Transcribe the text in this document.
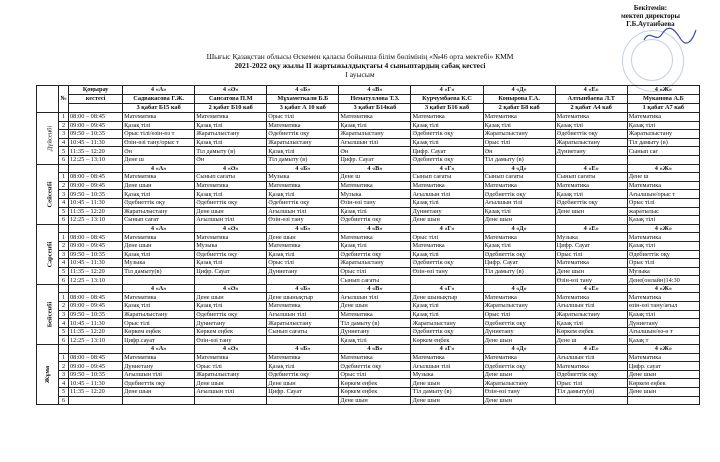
Бекітемін:
мектеп директоры
Г.Б.Аутанбаева
Шығыс Қазақстан облысы Өскемен қаласы бойынша білім бөлімінің «№46 орта мектебі» КММ
2021-2022 оқу жылы II жартыжылдықтағы 4 сыныптардың сабақ кестесі
I ауысым
	№	Қоңырау	4 «А»	4 «Ә»	4 «Б»	4 «В»	4 «Г»	4 «Д»	4 «Е»	4 «Ж»
		кестесі	Садвакасова Г.Ж.	Сансатова П.М	Мұхаметкали Б.Б	Нематуллова Т.З.	Курчумбаева К.С	Конырова Г.А.	Алтынбаева Л.Т	Муканова А.Б
			3 қабат Б15 каб	2 қабат Б10 каб	3 қабат А 10 каб	3 қабат Б14каб	3 қабат Б16 каб	2 қабат Б8 каб	2 қабат А4 каб	1 қабат А7 каб
Дүйсенбі	1	08:00 – 08:45	Математика	Математика	Орыс тілі	Математика	Математика	Математика	Математика	Математика
	2	09:00 – 09:45	Қазақ тілі	Қазақ тілі	Математика	Қазақ тілі	Қазақ тілі	Қазақ тілі	Қазақ тілі	Қазақ тілі
	3	09:50 – 10:35	Орыс тілі/өзін-өз т	Жаратылыстану	Әдебиеттік оқу	Жаратылыстану	Әдебиеттік оқу	Жаратылыстану	Әдебиеттік оқу	Жаратылыстану
	4	10:45 – 11:30	Өзін-өзі тану/орыс т	Қазақ тілі	Жаратылыстану	Ағылшын тілі	Қазақ тілі	Орыс тілі	Жаратылыстану	Тіл дамыту (в)
	5	11:35 – 12:20	Ән	Тіл дамыту (в)	Қазақ тілі	Ән	Цифр. Сауат	Ән	Дүниетану	Сынып сағ
	6	12:25 – 13:10	Дене ш	Ән	Тіл дамыту (в)	Цифр. Сауат	Әдебиеттік оқу	Тіл дамыту (в)		
Сейсенбі			4 «А»	4 «Ә»	4 «Б»	4 «В»	4 «Г»	4 «Д»	4 «Е»	4 «Ж»
	1	08:00 – 08:45	Математика	Сынып сағаты	Музыка	Дене ш	Сынып сағаты	Сынып сағаты	Сынып сағаты	Дене ш
	2	09:00 – 09:45	Дене шын	Математика	Математика	Математика	Математика	Математика	Математика	Математика
	3	09:50 – 10:35	Қазақ тілі	Қазақ тілі	Қазақ тілі	Музыка	Ағылшын тілі	Әдебиеттік оқу	Қазақ тілі	Ағылшын/орыс т
	4	10:45 – 11:30	Әдебиеттік оқу	Әдебиеттік оқу	Әдебиеттік оқу	Өзін-өзі тану	Қазақ тілі	Ағылшын тілі	Әдебиеттік оқу	Орыс тілі
	5	11:35 – 12:20	Жаратылыстану	Дене шын	Ағылшын тілі	Қазақ тілі	Дүниетану	Қазақ тілі	Дене шын	жаратылыс
	6	12:25 – 13:10	Сынып сағат	Ағылшын тілі	Өзін-өзі тану	Әдебиеттік оқу	Дене шын	Дене шын		Қазақ тілі
Сәрсенбі			4 «А»	4 «Ә»	4 «Б»	4 «В»	4 «Г»	4 «Д»	4 «Е»	4 «Ж»
	1	08:00 – 08:45	Математика	Математика	Дене шын	Математика	Орыс тілі	Математика	Музыка	Математика
	2	09:00 – 09:45	Дене шын	Музыка	Математика	Қазақ тілі	Математика	Қазақ тілі	Цифр. Сауат	Қазақ тілі
	3	09:50 – 10:35	Қазақ тілі	Әдебиеттік оқу	Қазақ тілі	Әдебиеттік оқу	Қазақ тілі	Әдебиеттік оқу	Орыс тілі	Әдебиеттік оқу
	4	10:45 – 11:30	Музыка	Қазақ тілі	Орыс тілі	Жаратылыстану	Әдебиеттік оқу	Цифр. Сауат	Математика	Орыс тілі
	5	11:35 – 12:20	Тіл дамыту(в)	Цифр. Сауат	Дүниетану	Орыс тілі	Өзін-өзі тану	Тіл дамыту (в)	Дене шын	Музыка
	6	12:25 – 13:10				Сынып сағаты			Өзін-өзі тану	Дене(онлайн)14:30
Бейсенбі			4 «А»	4 «Ә»	4 «Б»	4 «В»	4 «Г»	4 «Д»	4 «Е»	4 «Ж»
	1	08:00 – 08:45	Математика	Дене шын	Дене шынықтыр	Ағылшын тілі	Дене шынықтыр	Математика	Математика	Математика
	2	09:00 – 09:45	Қазақ тілі	Қазақ тілі	Математика	Дене шын	Қазақ тілі	Жаратылыстану	Ағылшын тілі	өзін-өзі тану/ағыл
	3	09:50 – 10:35	Жаратылыстану	Әдебиеттік оқу	Ағылшын тілі	Математика	Қазақ тілі	Орыс тілі	Жаратылыстану	Қазақ тілі
	4	10:45 – 11:30	Орыс тілі	Дүниетану	Жаратылыстану	Тіл дамыту (в)	Жаратылыстану	Әдебиеттік оқу	Қазақ тілі	Дүниетану
	5	11:35 – 12:20	Көркем еңбек	Көркем еңбек	Сынып сағаты	Дүниетану	Әдебиеттік оқу	Дүниетану	Көркем еңбек	Ағылшын/өз-ө т
	6	12:25 – 13:10	Цифр.сауат	Өзін-өзі тану		Қазақ тілі	Көркем еңбек	Дене шын	Дене ш	Қазақ т
Жұма			4 «А»	4 «Ә»	4 «Б»	4 «В»	4 «Г»	4 «Д»	4 «Е»	4 «Ж»
	1	08:00 – 08:45	Математика	Математика	Математика	Математика	Математика	Математика	Ағылшын тілі	Математика
	2	09:00 – 09:45	Дүниетану	Орыс тілі	Қазақ тілі	Әдебиеттік оқу	Ағылшын тілі	Әдебиеттік оқу	Математика	Цифр. сауат
	3	09:50 – 10:35	Ағылшын тілі	Жаратылыстану	Әдебиеттік оқу	Орыс тілі	Музыка	Дене шын	Әдебиеттік оқу	Дене шын
	4	10:45 – 11:30	Әдебиеттік оқу	Дене шын	Дене шын	Көркем еңбек	Дене шын	Жаратылыстану	Орыс тілі	Көркем еңбек
	5	11:35 – 12:20	Дене шын	Ағылшын тілі	Цифр. Сауат	Көркем еңбек	Тіл дамыту (в)	Өзін-өзі тану	Тіл дамыту(в)	Дене шын
	6					Дене шын	Дене шын	Дене шын		
